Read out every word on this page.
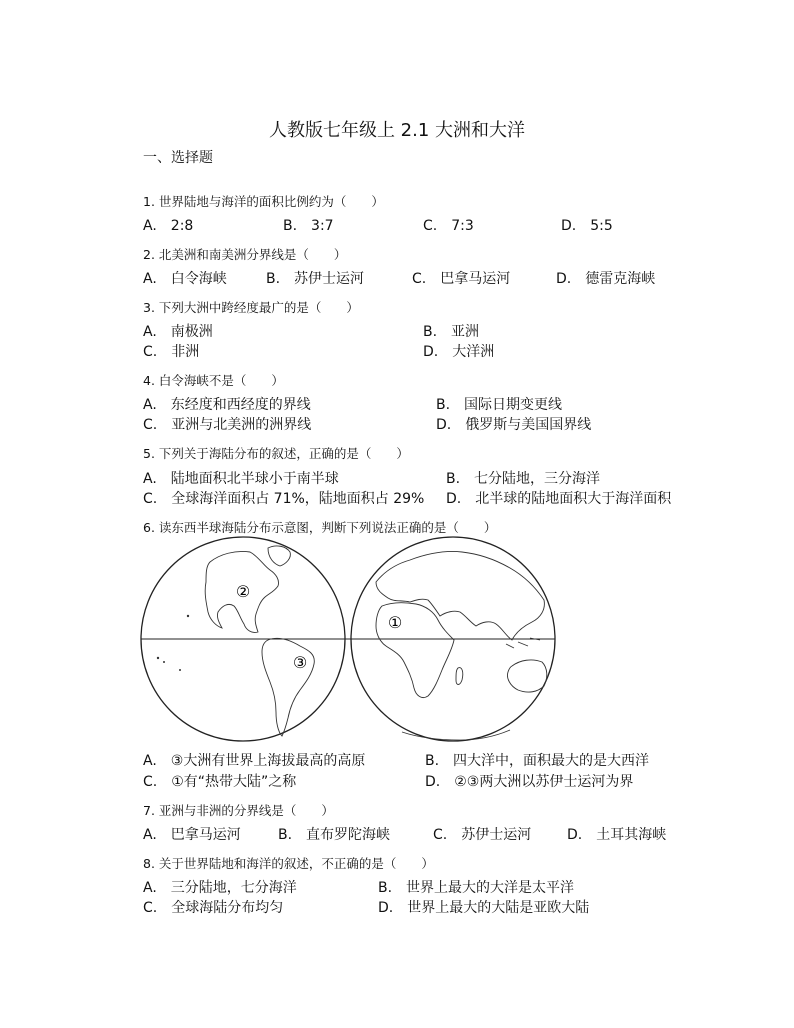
人教版七年级上 2.1 大洲和大洋
一、选择题
1. 世界陆地与海洋的面积比例约为（　　）
A.　2:8	B.　3:7	C.　7:3	D.　5:5
2. 北美洲和南美洲分界线是（　　）
A.　白令海峡	B.　苏伊士运河	C.　巴拿马运河	D.　德雷克海峡
3. 下列大洲中跨经度最广的是（　　）
A.　南极洲	B.　亚洲
C.　非洲	D.　大洋洲
4. 白令海峡不是（　　）
A.　东经度和西经度的界线	B.　国际日期变更线
C.　亚洲与北美洲的洲界线	D.　俄罗斯与美国国界线
5. 下列关于海陆分布的叙述，正确的是（　　）
A.　陆地面积北半球小于南半球	B.　七分陆地，三分海洋
C.　全球海洋面积占 71%，陆地面积占 29% D.　北半球的陆地面积大于海洋面积
6. 读东西半球海陆分布示意图，判断下列说法正确的是（　　）
②
③
①
A.　③大洲有世界上海拔最高的高原	B.　四大洋中，面积最大的是大西洋
C.　①有“热带大陆”之称	D.　②③两大洲以苏伊士运河为界
7. 亚洲与非洲的分界线是（　　）
A.　巴拿马运河	B.　直布罗陀海峡	C.　苏伊士运河	D.　土耳其海峡
8. 关于世界陆地和海洋的叙述，不正确的是（　　）
A.　三分陆地，七分海洋	B.　世界上最大的大洋是太平洋
C.　全球海陆分布均匀	D.　世界上最大的大陆是亚欧大陆
